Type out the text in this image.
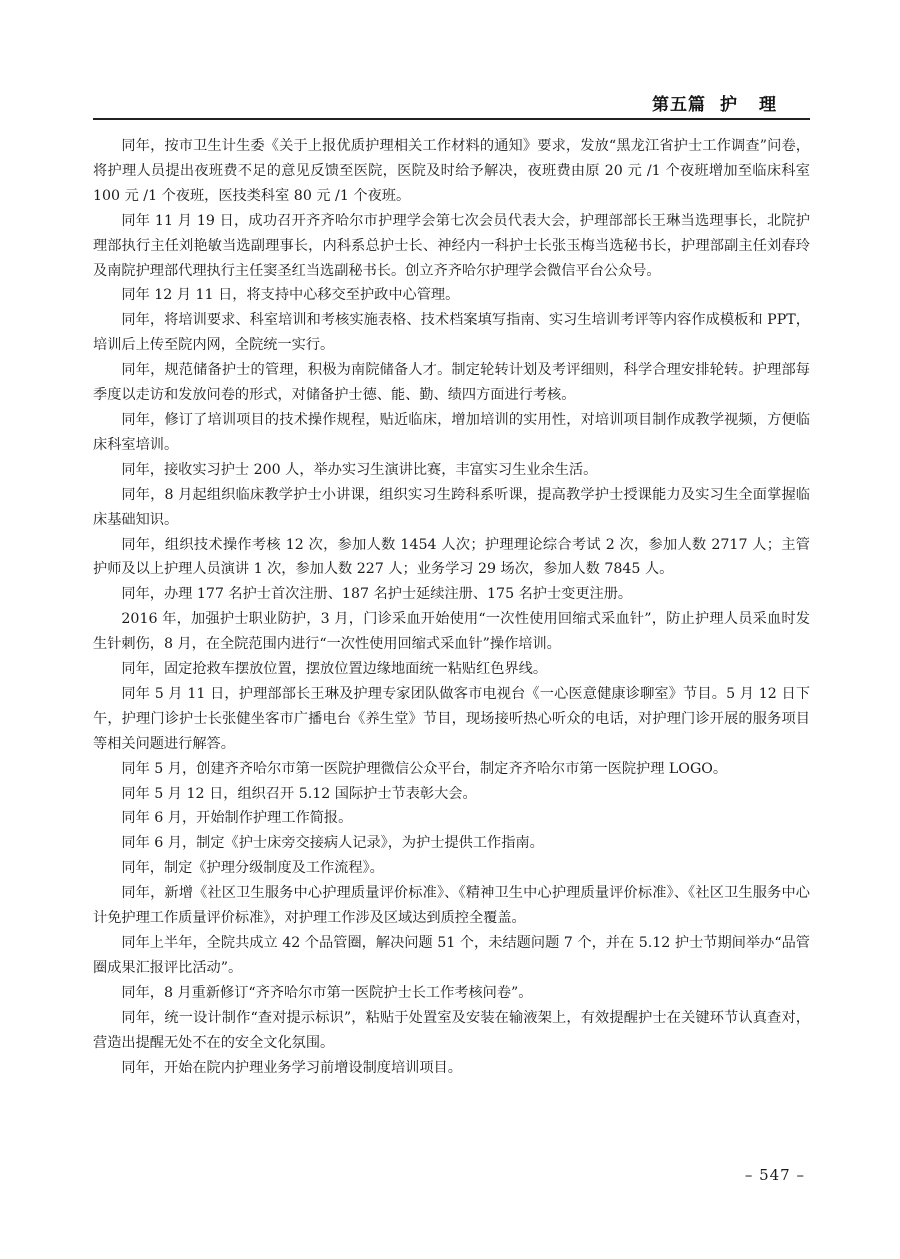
第五篇 护理

同年，按市卫生计生委《关于上报优质护理相关工作材料的通知》要求，发放“黑龙江省护士工作调查”问卷，将护理人员提出夜班费不足的意见反馈至医院，医院及时给予解决，夜班费由原 20 元 /1 个夜班增加至临床科室 100 元 /1 个夜班，医技类科室 80 元 /1 个夜班。

同年 11 月 19 日，成功召开齐齐哈尔市护理学会第七次会员代表大会，护理部部长王琳当选理事长，北院护理部执行主任刘艳敏当选副理事长，内科系总护士长、神经内一科护士长张玉梅当选秘书长，护理部副主任刘春玲及南院护理部代理执行主任窦圣红当选副秘书长。创立齐齐哈尔护理学会微信平台公众号。

同年 12 月 11 日，将支持中心移交至护政中心管理。

同年，将培训要求、科室培训和考核实施表格、技术档案填写指南、实习生培训考评等内容作成模板和 PPT，培训后上传至院内网，全院统一实行。

同年，规范储备护士的管理，积极为南院储备人才。制定轮转计划及考评细则，科学合理安排轮转。护理部每季度以走访和发放问卷的形式，对储备护士德、能、勤、绩四方面进行考核。

同年，修订了培训项目的技术操作规程，贴近临床，增加培训的实用性，对培训项目制作成教学视频，方便临床科室培训。

同年，接收实习护士 200 人，举办实习生演讲比赛，丰富实习生业余生活。

同年，8 月起组织临床教学护士小讲课，组织实习生跨科系听课，提高教学护士授课能力及实习生全面掌握临床基础知识。

同年，组织技术操作考核 12 次，参加人数 1454 人次；护理理论综合考试 2 次，参加人数 2717 人；主管护师及以上护理人员演讲 1 次，参加人数 227 人；业务学习 29 场次，参加人数 7845 人。

同年，办理 177 名护士首次注册、187 名护士延续注册、175 名护士变更注册。

2016 年，加强护士职业防护，3 月，门诊采血开始使用“一次性使用回缩式采血针”，防止护理人员采血时发生针刺伤，8 月，在全院范围内进行“一次性使用回缩式采血针”操作培训。

同年，固定抢救车摆放位置，摆放位置边缘地面统一粘贴红色界线。

同年 5 月 11 日，护理部部长王琳及护理专家团队做客市电视台《一心医意健康诊聊室》节目。5 月 12 日下午，护理门诊护士长张健坐客市广播电台《养生堂》节目，现场接听热心听众的电话，对护理门诊开展的服务项目等相关问题进行解答。

同年 5 月，创建齐齐哈尔市第一医院护理微信公众平台，制定齐齐哈尔市第一医院护理 LOGO。

同年 5 月 12 日，组织召开 5.12 国际护士节表彰大会。

同年 6 月，开始制作护理工作简报。

同年 6 月，制定《护士床旁交接病人记录》，为护士提供工作指南。

同年，制定《护理分级制度及工作流程》。

同年，新增《社区卫生服务中心护理质量评价标准》、《精神卫生中心护理质量评价标准》、《社区卫生服务中心计免护理工作质量评价标准》，对护理工作涉及区域达到质控全覆盖。

同年上半年，全院共成立 42 个品管圈，解决问题 51 个，未结题问题 7 个，并在 5.12 护士节期间举办“品管圈成果汇报评比活动”。

同年，8 月重新修订“齐齐哈尔市第一医院护士长工作考核问卷”。

同年，统一设计制作“查对提示标识”，粘贴于处置室及安装在输液架上，有效提醒护士在关键环节认真查对，营造出提醒无处不在的安全文化氛围。

同年，开始在院内护理业务学习前增设制度培训项目。

– 547 –
